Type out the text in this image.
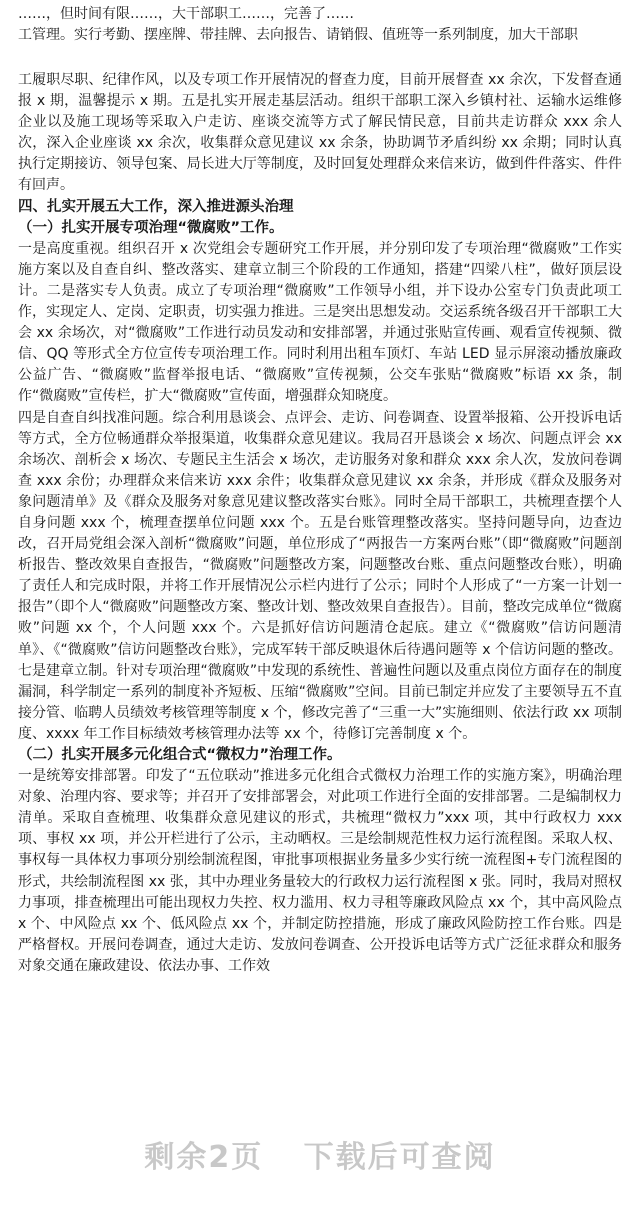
……，但时间有限……，大干部职工……，完善了……

工管理。实行考勤、摆座牌、带挂牌、去向报告、请销假、值班等一系列制度，加大干部职

工履职尽职、纪律作风，以及专项工作开展情况的督查力度，目前开展督查 xx 余次，下发督查通报 x 期，温馨提示 x 期。五是扎实开展走基层活动。组织干部职工深入乡镇村社、运输水运维修企业以及施工现场等采取入户走访、座谈交流等方式了解民情民意，目前共走访群众 xxx 余人次，深入企业座谈 xx 余次，收集群众意见建议 xx 余条，协助调节矛盾纠纷 xx 余期；同时认真执行定期接访、领导包案、局长进大厅等制度，及时回复处理群众来信来访，做到件件落实、件件有回声。

四、扎实开展五大工作，深入推进源头治理
（一）扎实开展专项治理“微腐败”工作。

一是高度重视。组织召开 x 次党组会专题研究工作开展，并分别印发了专项治理“微腐败”工作实施方案以及自查自纠、整改落实、建章立制三个阶段的工作通知，搭建“四梁八柱”，做好顶层设计。二是落实专人负责。成立了专项治理“微腐败”工作领导小组，并下设办公室专门负责此项工作，实现定人、定岗、定职责，切实强力推进。三是突出思想发动。交运系统各级召开干部职工大会 xx 余场次，对“微腐败”工作进行动员发动和安排部署，并通过张贴宣传画、观看宣传视频、微信、QQ 等形式全方位宣传专项治理工作。同时利用出租车顶灯、车站 LED 显示屏滚动播放廉政公益广告、“微腐败”监督举报电话、“微腐败”宣传视频，公交车张贴“微腐败”标语 xx 条，制作“微腐败”宣传栏，扩大“微腐败”宣传面，增强群众知晓度。

四是自查自纠找准问题。综合利用恳谈会、点评会、走访、问卷调查、设置举报箱、公开投诉电话等方式，全方位畅通群众举报渠道，收集群众意见建议。我局召开恳谈会 x 场次、问题点评会 xx 余场次、剖析会 x 场次、专题民主生活会 x 场次，走访服务对象和群众 xxx 余人次，发放问卷调查 xxx 余份；办理群众来信来访 xxx 余件；收集群众意见建议 xx 余条，并形成《群众及服务对象问题清单》及《群众及服务对象意见建议整改落实台账》。同时全局干部职工，共梳理查摆个人自身问题 xxx 个，梳理查摆单位问题 xxx 个。五是台账管理整改落实。坚持问题导向，边查边改，召开局党组会深入剖析“微腐败”问题，单位形成了“两报告一方案两台账”（即“微腐败”问题剖析报告、整改效果自查报告，“微腐败”问题整改方案，问题整改台账、重点问题整改台账），明确了责任人和完成时限，并将工作开展情况公示栏内进行了公示；同时个人形成了“一方案一计划一报告”（即个人“微腐败”问题整改方案、整改计划、整改效果自查报告）。目前，整改完成单位“微腐败”问题 xx 个，个人问题 xxx 个。六是抓好信访问题清仓起底。建立《“微腐败”信访问题清单》、《“微腐败”信访问题整改台账》，完成军转干部反映退休后待遇问题等 x 个信访问题的整改。七是建章立制。针对专项治理“微腐败”中发现的系统性、普遍性问题以及重点岗位方面存在的制度漏洞，科学制定一系列的制度补齐短板、压缩“微腐败”空间。目前已制定并应发了主要领导五不直接分管、临聘人员绩效考核管理等制度 x 个，修改完善了“三重一大”实施细则、依法行政 xx 项制度、xxxx 年工作目标绩效考核管理办法等 xx 个，待修订完善制度 x 个。

（二）扎实开展多元化组合式“微权力”治理工作。

一是统筹安排部署。印发了“五位联动”推进多元化组合式微权力治理工作的实施方案》，明确治理对象、治理内容、要求等；并召开了安排部署会，对此项工作进行全面的安排部署。二是编制权力清单。采取自查梳理、收集群众意见建议的形式，共梳理“微权力”xxx 项，其中行政权力 xxx 项、事权 xx 项，并公开栏进行了公示，主动晒权。三是绘制规范性权力运行流程图。采取人权、事权每一具体权力事项分别绘制流程图，审批事项根据业务量多少实行统一流程图+专门流程图的形式，共绘制流程图 xx 张，其中办理业务量较大的行政权力运行流程图 x 张。同时，我局对照权力事项，排查梳理出可能出现权力失控、权力滥用、权力寻租等廉政风险点 xx 个，其中高风险点 x 个、中风险点 xx 个、低风险点 xx 个，并制定防控措施，形成了廉政风险防控工作台账。四是严格督权。开展问卷调查，通过大走访、发放问卷调查、公开投诉电话等方式广泛征求群众和服务对象交通在廉政建设、依法办事、工作效

剩余2页 下载后可查阅
